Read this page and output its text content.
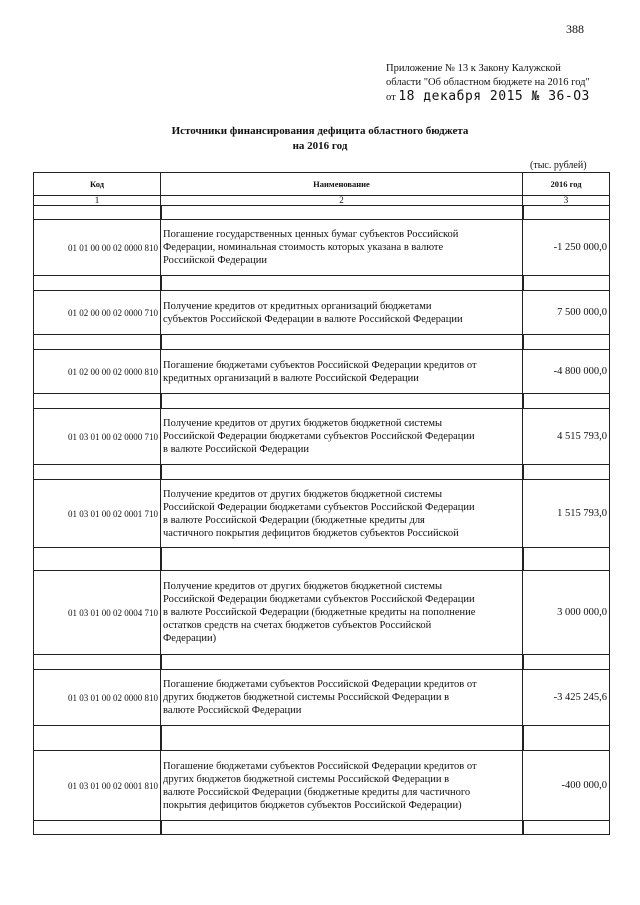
388
Приложение № 13 к Закону Калужской
области "Об областном бюджете на 2016 год"
от 18 декабря 2015 № 36-ОЗ
Источники финансирования дефицита областного бюджета
на 2016 год
(тыс. рублей)
Код	Наименование	2016 год
1	2	3

01 01 00 00 02 0000 810	Погашение государственных ценных бумаг субъектов Российской
Федерации, номинальная стоимость которых указана в валюте
Российской Федерации	-1 250 000,0

01 02 00 00 02 0000 710	Получение кредитов от кредитных организаций бюджетами
субъектов Российской Федерации в валюте Российской Федерации	7 500 000,0

01 02 00 00 02 0000 810	Погашение бюджетами субъектов Российской Федерации кредитов от
кредитных организаций в валюте Российской Федерации	-4 800 000,0

01 03 01 00 02 0000 710	Получение кредитов от других бюджетов бюджетной системы
Российской Федерации бюджетами субъектов Российской Федерации
в валюте Российской Федерации	4 515 793,0

01 03 01 00 02 0001 710	Получение кредитов от других бюджетов бюджетной системы
Российской Федерации бюджетами субъектов Российской Федерации
в валюте Российской Федерации (бюджетные кредиты для
частичного покрытия дефицитов бюджетов субъектов Российской	1 515 793,0

01 03 01 00 02 0004 710	Получение кредитов от других бюджетов бюджетной системы
Российской Федерации бюджетами субъектов Российской Федерации
в валюте Российской Федерации (бюджетные кредиты на пополнение
остатков средств на счетах бюджетов субъектов Российской
Федерации)	3 000 000,0

01 03 01 00 02 0000 810	Погашение бюджетами субъектов Российской Федерации кредитов от
других бюджетов бюджетной системы Российской Федерации в
валюте Российской Федерации	-3 425 245,6

01 03 01 00 02 0001 810	Погашение бюджетами субъектов Российской Федерации кредитов от
других бюджетов бюджетной системы Российской Федерации в
валюте Российской Федерации (бюджетные кредиты для частичного
покрытия дефицитов бюджетов субъектов Российской Федерации)	-400 000,0
